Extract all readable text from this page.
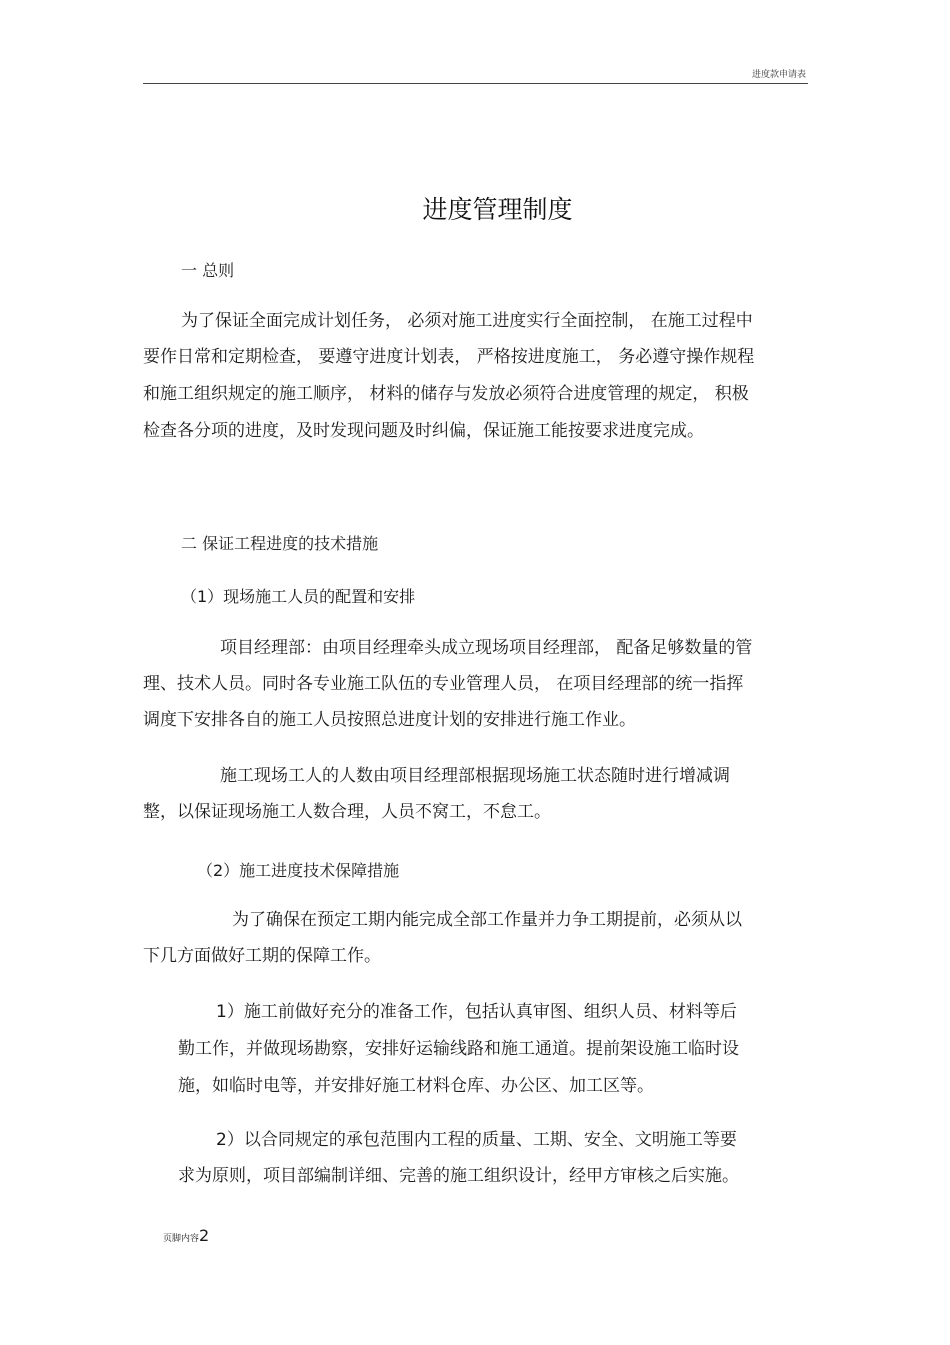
进度款申请表
进度管理制度
一 总则
为了保证全面完成计划任务， 必须对施工进度实行全面控制， 在施工过程中
要作日常和定期检查， 要遵守进度计划表， 严格按进度施工， 务必遵守操作规程
和施工组织规定的施工顺序， 材料的储存与发放必须符合进度管理的规定， 积极
检查各分项的进度，及时发现问题及时纠偏，保证施工能按要求进度完成。
二 保证工程进度的技术措施
（1）现场施工人员的配置和安排
项目经理部：由项目经理牵头成立现场项目经理部， 配备足够数量的管
理、技术人员。同时各专业施工队伍的专业管理人员， 在项目经理部的统一指挥
调度下安排各自的施工人员按照总进度计划的安排进行施工作业。
施工现场工人的人数由项目经理部根据现场施工状态随时进行增减调
整，以保证现场施工人数合理，人员不窝工，不怠工。
（2）施工进度技术保障措施
为了确保在预定工期内能完成全部工作量并力争工期提前，必须从以
下几方面做好工期的保障工作。
1）施工前做好充分的准备工作，包括认真审图、组织人员、材料等后
勤工作，并做现场勘察，安排好运输线路和施工通道。提前架设施工临时设
施，如临时电等，并安排好施工材料仓库、办公区、加工区等。
2）以合同规定的承包范围内工程的质量、工期、安全、文明施工等要
求为原则，项目部编制详细、完善的施工组织设计，经甲方审核之后实施。
页脚内容2
